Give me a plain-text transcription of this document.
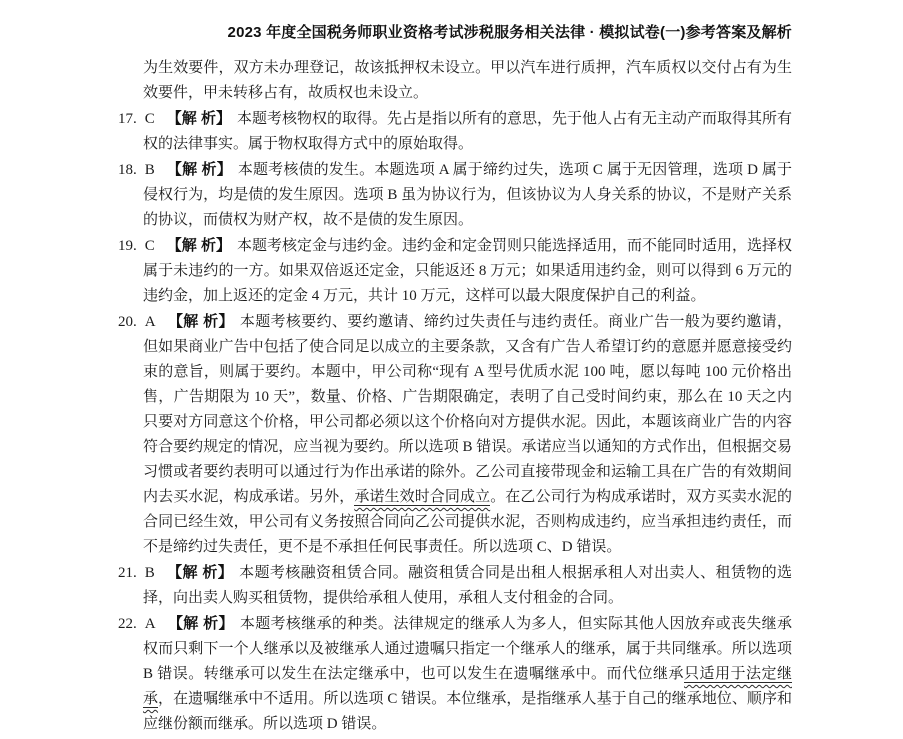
2023 年度全国税务师职业资格考试涉税服务相关法律 · 模拟试卷(一)参考答案及解析

为生效要件，双方未办理登记，故该抵押权未设立。甲以汽车进行质押，汽车质权以交付占有为生效要件，甲未转移占有，故质权也未设立。

17. C 【解 析】 本题考核物权的取得。先占是指以所有的意思，先于他人占有无主动产而取得其所有权的法律事实。属于物权取得方式中的原始取得。
18. B 【解 析】 本题考核债的发生。本题选项 A 属于缔约过失，选项 C 属于无因管理，选项 D 属于侵权行为，均是债的发生原因。选项 B 虽为协议行为，但该协议为人身关系的协议，不是财产关系的协议，而债权为财产权，故不是债的发生原因。
19. C 【解 析】 本题考核定金与违约金。违约金和定金罚则只能选择适用，而不能同时适用，选择权属于未违约的一方。如果双倍返还定金，只能返还 8 万元；如果适用违约金，则可以得到 6 万元的违约金，加上返还的定金 4 万元，共计 10 万元，这样可以最大限度保护自己的利益。
20. A 【解 析】 本题考核要约、要约邀请、缔约过失责任与违约责任。商业广告一般为要约邀请，但如果商业广告中包括了使合同足以成立的主要条款，又含有广告人希望订约的意愿并愿意接受约束的意旨，则属于要约。本题中，甲公司称“现有 A 型号优质水泥 100 吨，愿以每吨 100 元价格出售，广告期限为 10 天”，数量、价格、广告期限确定，表明了自己受时间约束，那么在 10 天之内只要对方同意这个价格，甲公司都必须以这个价格向对方提供水泥。因此，本题该商业广告的内容符合要约规定的情况，应当视为要约。所以选项 B 错误。承诺应当以通知的方式作出，但根据交易习惯或者要约表明可以通过行为作出承诺的除外。乙公司直接带现金和运输工具在广告的有效期间内去买水泥，构成承诺。另外，承诺生效时合同成立。在乙公司行为构成承诺时，双方买卖水泥的合同已经生效，甲公司有义务按照合同向乙公司提供水泥，否则构成违约，应当承担违约责任，而不是缔约过失责任，更不是不承担任何民事责任。所以选项 C、D 错误。
21. B 【解 析】 本题考核融资租赁合同。融资租赁合同是出租人根据承租人对出卖人、租赁物的选择，向出卖人购买租赁物，提供给承租人使用，承租人支付租金的合同。
22. A 【解 析】 本题考核继承的种类。法律规定的继承人为多人，但实际其他人因放弃或丧失继承权而只剩下一个人继承以及被继承人通过遗嘱只指定一个继承人的继承，属于共同继承。所以选项 B 错误。转继承可以发生在法定继承中，也可以发生在遗嘱继承中。而代位继承只适用于法定继承，在遗嘱继承中不适用。所以选项 C 错误。本位继承，是指继承人基于自己的继承地位、顺序和应继份额而继承。所以选项 D 错误。
